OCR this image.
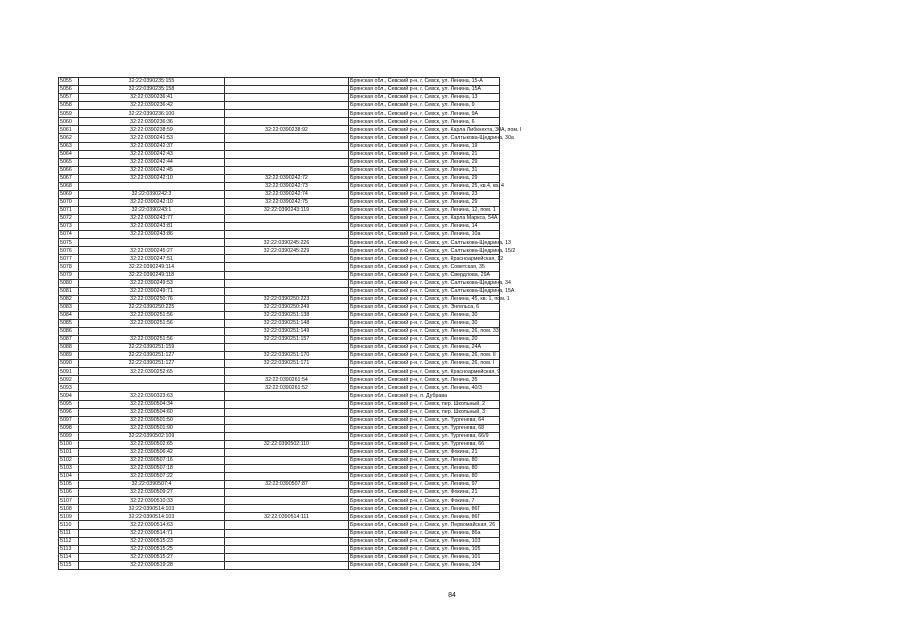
5055	32:22:0390235:155		Брянская обл., Севский р-н, г. Севск, ул. Ленина, 15-А
5056	32:22:0390235:158		Брянская обл., Севский р-н, г. Севск, ул. Ленина, 15А
5057	32:22:0390236:41		Брянская обл., Севский р-н, г. Севск, ул. Ленина, 13
5058	32:22:0390236:42		Брянская обл., Севский р-н, г. Севск, ул. Ленина, 9
5059	32:22:0390236:100		Брянская обл., Севский р-н, г. Севск, ул. Ленина, 9А
5060	32:22:0390236:36		Брянская обл., Севский р-н, г. Севск, ул. Ленина, 6
5061	32:22:0390238:59	32:22:0390238:92	Брянская обл., Севский р-н, г. Севск, ул. Карла Либкнехта, 30А, пом. I
5062	32:22:0390241:53		Брянская обл., Севский р-н, г. Севск, ул. Салтыкова-Щедрина, 30а
5063	32:22:0390242:37		Брянская обл., Севский р-н, г. Севск, ул. Ленина, 19
5064	32:22:0390242:43		Брянская обл., Севский р-н, г. Севск, ул. Ленина, 21
5065	32:22:0390242:44		Брянская обл., Севский р-н, г. Севск, ул. Ленина, 29
5066	32:22:0390242:45		Брянская обл., Севский р-н, г. Севск, ул. Ленина, 31
5067	32:22:0390242:10	32:22:0390242:72	Брянская обл., Севский р-н, г. Севск, ул. Ленина, 29
5068		32:22:0390242:73	Брянская обл., Севский р-н, г. Севск, ул. Ленина, 25, кв.4, кв. 4
5069	32:22:0390242:3	32:22:0390242:74	Брянская обл., Севский р-н, г. Севск, ул. Ленина, 23
5070	32:22:0390242:10	32:22:0390242:75	Брянская обл., Севский р-н, г. Севск, ул. Ленина, 29
5071	32:22:0390243:1	32:22:0390243:119	Брянская обл., Севский р-н, г. Севск, ул. Ленина, 12, пом. 1
5072	32:22:0390243:77		Брянская обл., Севский р-н, г. Севск, ул. Карла Маркса, 54А
5073	32:22:0390243:81		Брянская обл., Севский р-н, г. Севск, ул. Ленина, 14
5074	32:22:0390243:86		Брянская обл., Севский р-н, г. Севск, ул. Ленина, 10а
5075		32:22:0390245:226	Брянская обл., Севский р-н, г. Севск, ул. Салтыкова-Щедрина, 13
5076	32:22:0390245:27	32:22:0390245:229	Брянская обл., Севский р-н, г. Севск, ул. Салтыкова-Щедрина, 15/2
5077	32:22:0390247:51		Брянская обл., Севский р-н, г. Севск, ул. Красноармейская, 12
5078	32:22:0390249:114		Брянская обл., Севский р-н, г. Севск, ул. Советская, 35
5079	32:22:0390249:118		Брянская обл., Севский р-н, г. Севск, ул. Свердлова, 29А
5080	32:22:0390249:53		Брянская обл., Севский р-н, г. Севск, ул. Салтыкова-Щедрина, 34
5081	32:22:0390249:71		Брянская обл., Севский р-н, г. Севск, ул. Салтыкова-Щедрина, 15А
5082	32:22:0390250:76	32:22:0390250:223	Брянская обл., Севский р-н, г. Севск, ул. Ленина, 45, кв. 1, пом. 1
5083	32:22:0390250:225	32:22:0390250:249	Брянская обл., Севский р-н, г. Севск, ул. Энгельса, 6
5084	32:22:0390251:56	32:22:0390251:138	Брянская обл., Севский р-н, г. Севск, ул. Ленина, 30
5085	32:22:0390251:56	32:22:0390251:148	Брянская обл., Севский р-н, г. Севск, ул. Ленина, 30
5086		32:22:0390251:149	Брянская обл., Севский р-н, г. Севск, ул. Ленина, 26, пом. 33
5087	32:22:0390251:56	32:22:0390251:157	Брянская обл., Севский р-н, г. Севск, ул. Ленина, 20
5088	32:22:0390251:159		Брянская обл., Севский р-н, г. Севск, ул. Ленина, 24А
5089	32:22:0390251:127	32:22:0390251:170	Брянская обл., Севский р-н, г. Севск, ул. Ленина, 26, пом. II
5090	32:22:0390251:127	32:22:0390251:171	Брянская обл., Севский р-н, г. Севск, ул. Ленина, 26, пом. I
5091	32:22:0390252:65		Брянская обл., Севский р-н, г. Севск, ул. Красноармейская, 9
5092		32:22:0390261:54	Брянская обл., Севский р-н, г. Севск, ул. Ленина, 35
5093		32:22:0390261:52	Брянская обл., Севский р-н, г. Севск, ул. Ленина, 40/3
5094	32:22:0390323:63		Брянская обл., Севский р-н, п. Дубрава
5095	32:22:0390504:34		Брянская обл., Севский р-н, г. Севск, пер. Школьный, 2
5096	32:22:0390504:60		Брянская обл., Севский р-н, г. Севск, пер. Школьный, 3
5097	32:22:0390501:50		Брянская обл., Севский р-н, г. Севск, ул. Тургенева, 64
5098	32:22:0390501:90		Брянская обл., Севский р-н, г. Севск, ул. Тургенева, 68
5099	32:22:0390502:109		Брянская обл., Севский р-н, г. Севск, ул. Тургенева, 66/9
5100	32:22:0390502:65	32:22:0390502:110	Брянская обл., Севский р-н, г. Севск, ул. Тургенева, 66
5101	32:22:0390506:42		Брянская обл., Севский р-н, г. Севск, ул. Фокина, 21
5102	32:22:0390507:16		Брянская обл., Севский р-н, г. Севск, ул. Ленина, 80
5103	32:22:0390507:18		Брянская обл., Севский р-н, г. Севск, ул. Ленина, 80
5104	32:22:0390507:22		Брянская обл., Севский р-н, г. Севск, ул. Ленина, 80
5105	32:22:0390507:4	32:22:0390507:87	Брянская обл., Севский р-н, г. Севск, ул. Ленина, 97
5106	32:22:0390509:27		Брянская обл., Севский р-н, г. Севск, ул. Фокина, 21
5107	32:22:0390510:33		Брянская обл., Севский р-н, г. Севск, ул. Фокина, 7
5108	32:22:0390514:103		Брянская обл., Севский р-н, г. Севск, ул. Ленина, 86Г
5109	32:22:0390514:103	32:22:0390514:111	Брянская обл., Севский р-н, г. Севск, ул. Ленина, 86Г
5110	32:22:0390514:63		Брянская обл., Севский р-н, г. Севск, ул. Первомайская, 26
5111	32:22:0390514:71		Брянская обл., Севский р-н, г. Севск, ул. Ленина, 86а
5112	32:22:0390515:23		Брянская обл., Севский р-н, г. Севск, ул. Ленина, 103
5113	32:22:0390515:25		Брянская обл., Севский р-н, г. Севск, ул. Ленина, 105
5114	32:22:0390515:27		Брянская обл., Севский р-н, г. Севск, ул. Ленина, 101
5115	32:22:0390519:28		Брянская обл., Севский р-н, г. Севск, ул. Ленина, 104
84
